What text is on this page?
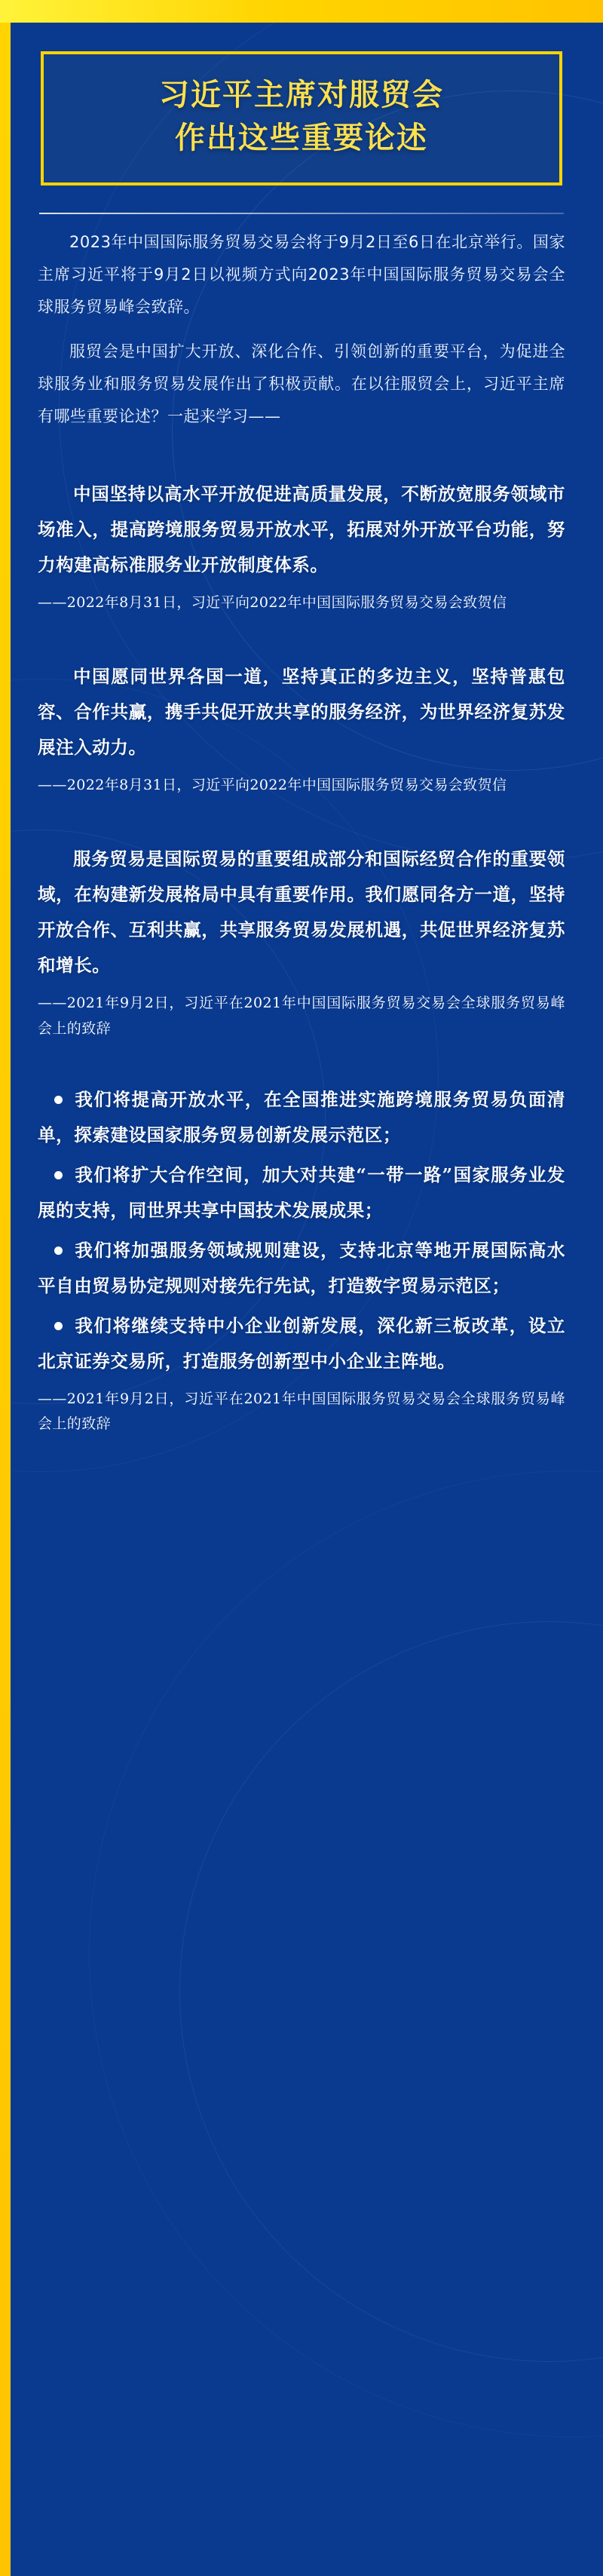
习近平主席对服贸会
作出这些重要论述
2023年中国国际服务贸易交易会将于9月2日至6日在北京举行。国家主席习近平将于9月2日以视频方式向2023年中国国际服务贸易交易会全球服务贸易峰会致辞。
服贸会是中国扩大开放、深化合作、引领创新的重要平台，为促进全球服务业和服务贸易发展作出了积极贡献。在以往服贸会上，习近平主席有哪些重要论述？一起来学习——
中国坚持以高水平开放促进高质量发展，不断放宽服务领域市场准入，提高跨境服务贸易开放水平，拓展对外开放平台功能，努力构建高标准服务业开放制度体系。
——2022年8月31日，习近平向2022年中国国际服务贸易交易会致贺信
中国愿同世界各国一道，坚持真正的多边主义，坚持普惠包容、合作共赢，携手共促开放共享的服务经济，为世界经济复苏发展注入动力。
——2022年8月31日，习近平向2022年中国国际服务贸易交易会致贺信
服务贸易是国际贸易的重要组成部分和国际经贸合作的重要领域，在构建新发展格局中具有重要作用。我们愿同各方一道，坚持开放合作、互利共赢，共享服务贸易发展机遇，共促世界经济复苏和增长。
——2021年9月2日，习近平在2021年中国国际服务贸易交易会全球服务贸易峰会上的致辞
我们将提高开放水平，在全国推进实施跨境服务贸易负面清单，探索建设国家服务贸易创新发展示范区；
我们将扩大合作空间，加大对共建“一带一路”国家服务业发展的支持，同世界共享中国技术发展成果；
我们将加强服务领域规则建设，支持北京等地开展国际高水平自由贸易协定规则对接先行先试，打造数字贸易示范区；
我们将继续支持中小企业创新发展，深化新三板改革，设立北京证券交易所，打造服务创新型中小企业主阵地。
——2021年9月2日，习近平在2021年中国国际服务贸易交易会全球服务贸易峰会上的致辞
